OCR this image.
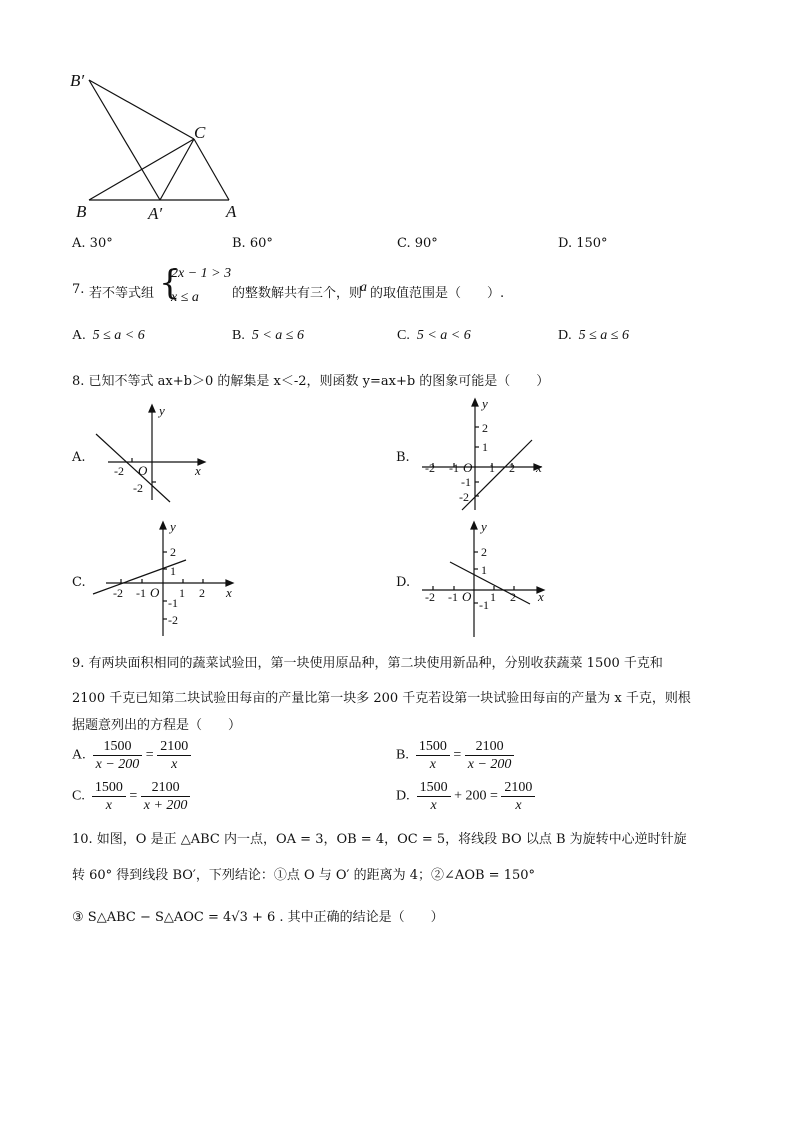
B′
C
B	A′	A
A. 30°	B. 60°	C. 90°	D. 150°
7. 若不等式组 {
2x − 1 > 3
x ≤ a	的整数解共有三个，则
a 的取值范围是（　　）.
A. 5 ≤ a < 6	B. 5 < a ≤ 6	C. 5 < a < 6	D. 5 ≤ a ≤ 6
8. 已知不等式 ax+b＞0 的解集是 x＜-2，则函数 y=ax+b 的图象可能是（　　）
A.
y
x
O
-2
-2
B.
y
x
O
-2 -1	1 2
2
1
-1
-2
C.
y
x
O
-2 -1	1 2
2
1
-1
-2
D.
y
x
O
-2 -1	1 2
2
1
-1
9. 有两块面积相同的蔬菜试验田，第一块使用原品种，第二块使用新品种，分别收获蔬菜 1500 千克和
2100 千克已知第二块试验田每亩的产量比第一块多 200 千克若设第一块试验田每亩的产量为 x 千克，则根
据题意列出的方程是（　　）
A. $\frac{1500}{x - 200} = \frac{2100}{x}$	B. $\frac{1500}{x} = \frac{2100}{x - 200}$
C. $\frac{1500}{x} = \frac{2100}{x + 200}$	D. $\frac{1500}{x} + 200 = \frac{2100}{x}$
10. 如图，O 是正 △ABC 内一点，OA = 3，OB = 4，OC = 5，将线段 BO 以点 B 为旋转中心逆时针旋
转 60° 得到线段 BO′，下列结论：①点 O 与 O′ 的距离为 4；②∠AOB = 150°
③ S△ABC − S△AOC = 4√3 + 6 . 其中正确的结论是（　　）
